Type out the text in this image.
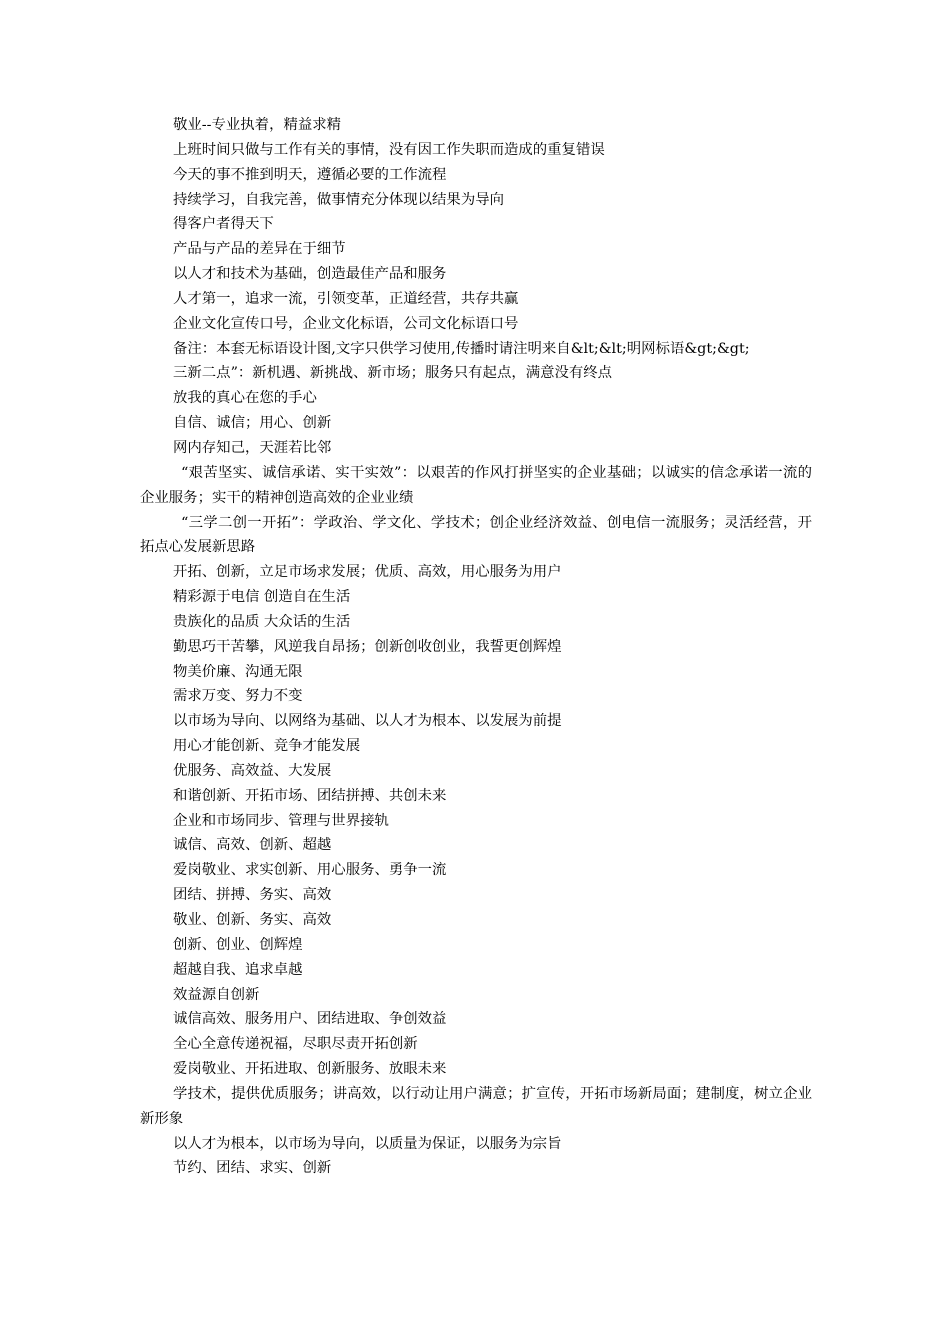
敬业--专业执着，精益求精

上班时间只做与工作有关的事情，没有因工作失职而造成的重复错误

今天的事不推到明天，遵循必要的工作流程

持续学习，自我完善，做事情充分体现以结果为导向

得客户者得天下

产品与产品的差异在于细节

以人才和技术为基础，创造最佳产品和服务

人才第一，追求一流，引领变革，正道经营，共存共赢

企业文化宣传口号，企业文化标语，公司文化标语口号

备注：本套无标语设计图,文字只供学习使用,传播时请注明来自&lt;&lt;明网标语&gt;&gt;

三新二点”：新机遇、新挑战、新市场；服务只有起点，满意没有终点

放我的真心在您的手心

自信、诚信；用心、创新

网内存知己，天涯若比邻

“艰苦坚实、诚信承诺、实干实效”：以艰苦的作风打拼坚实的企业基础；以诚实的信念承诺一流的企业服务；实干的精神创造高效的企业业绩

“三学二创一开拓”：学政治、学文化、学技术；创企业经济效益、创电信一流服务；灵活经营，开拓点心发展新思路

开拓、创新，立足市场求发展；优质、高效，用心服务为用户

精彩源于电信 创造自在生活

贵族化的品质 大众话的生活

勤思巧干苦攀，风逆我自昂扬；创新创收创业，我誓更创辉煌

物美价廉、沟通无限

需求万变、努力不变

以市场为导向、以网络为基础、以人才为根本、以发展为前提

用心才能创新、竞争才能发展

优服务、高效益、大发展

和谐创新、开拓市场、团结拼搏、共创未来

企业和市场同步、管理与世界接轨

诚信、高效、创新、超越

爱岗敬业、求实创新、用心服务、勇争一流

团结、拼搏、务实、高效

敬业、创新、务实、高效

创新、创业、创辉煌

超越自我、追求卓越

效益源自创新

诚信高效、服务用户、团结进取、争创效益

全心全意传递祝福，尽职尽责开拓创新

爱岗敬业、开拓进取、创新服务、放眼未来

学技术，提供优质服务；讲高效，以行动让用户满意；扩宣传，开拓市场新局面；建制度，树立企业新形象

以人才为根本，以市场为导向，以质量为保证，以服务为宗旨

节约、团结、求实、创新
